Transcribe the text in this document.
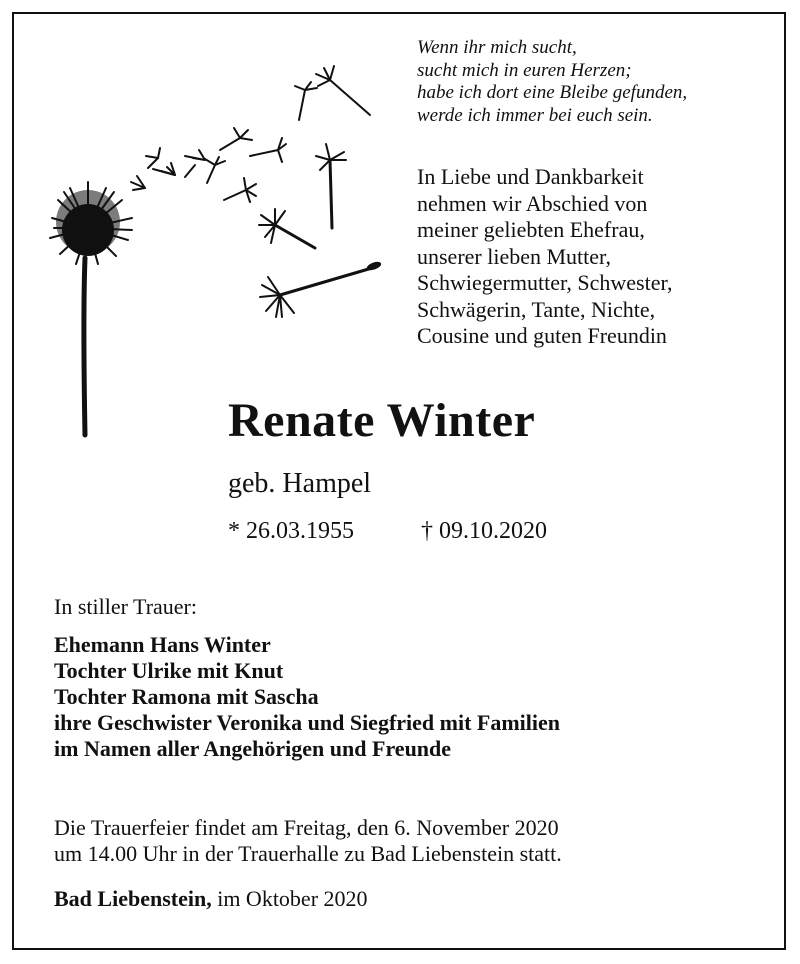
Wenn ihr mich sucht,
sucht mich in euren Herzen;
habe ich dort eine Bleibe gefunden,
werde ich immer bei euch sein.
In Liebe und Dankbarkeit
nehmen wir Abschied von
meiner geliebten Ehefrau,
unserer lieben Mutter,
Schwiegermutter, Schwester,
Schwägerin, Tante, Nichte,
Cousine und guten Freundin
Renate Winter
geb. Hampel
* 26.03.1955	† 09.10.2020
In stiller Trauer:
Ehemann Hans Winter
Tochter Ulrike mit Knut
Tochter Ramona mit Sascha
ihre Geschwister Veronika und Siegfried mit Familien
im Namen aller Angehörigen und Freunde
Die Trauerfeier findet am Freitag, den 6. November 2020
um 14.00 Uhr in der Trauerhalle zu Bad Liebenstein statt.
Bad Liebenstein, im Oktober 2020
